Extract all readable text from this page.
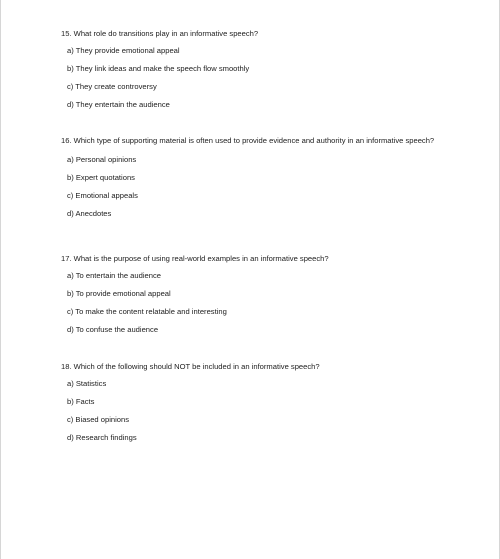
15. What role do transitions play in an informative speech?

a) They provide emotional appeal
b) They link ideas and make the speech flow smoothly
c) They create controversy
d) They entertain the audience

16. Which type of supporting material is often used to provide evidence and authority in an informative speech?

a) Personal opinions
b) Expert quotations
c) Emotional appeals
d) Anecdotes

17. What is the purpose of using real-world examples in an informative speech?

a) To entertain the audience
b) To provide emotional appeal
c) To make the content relatable and interesting
d) To confuse the audience

18. Which of the following should NOT be included in an informative speech?

a) Statistics
b) Facts
c) Biased opinions
d) Research findings
